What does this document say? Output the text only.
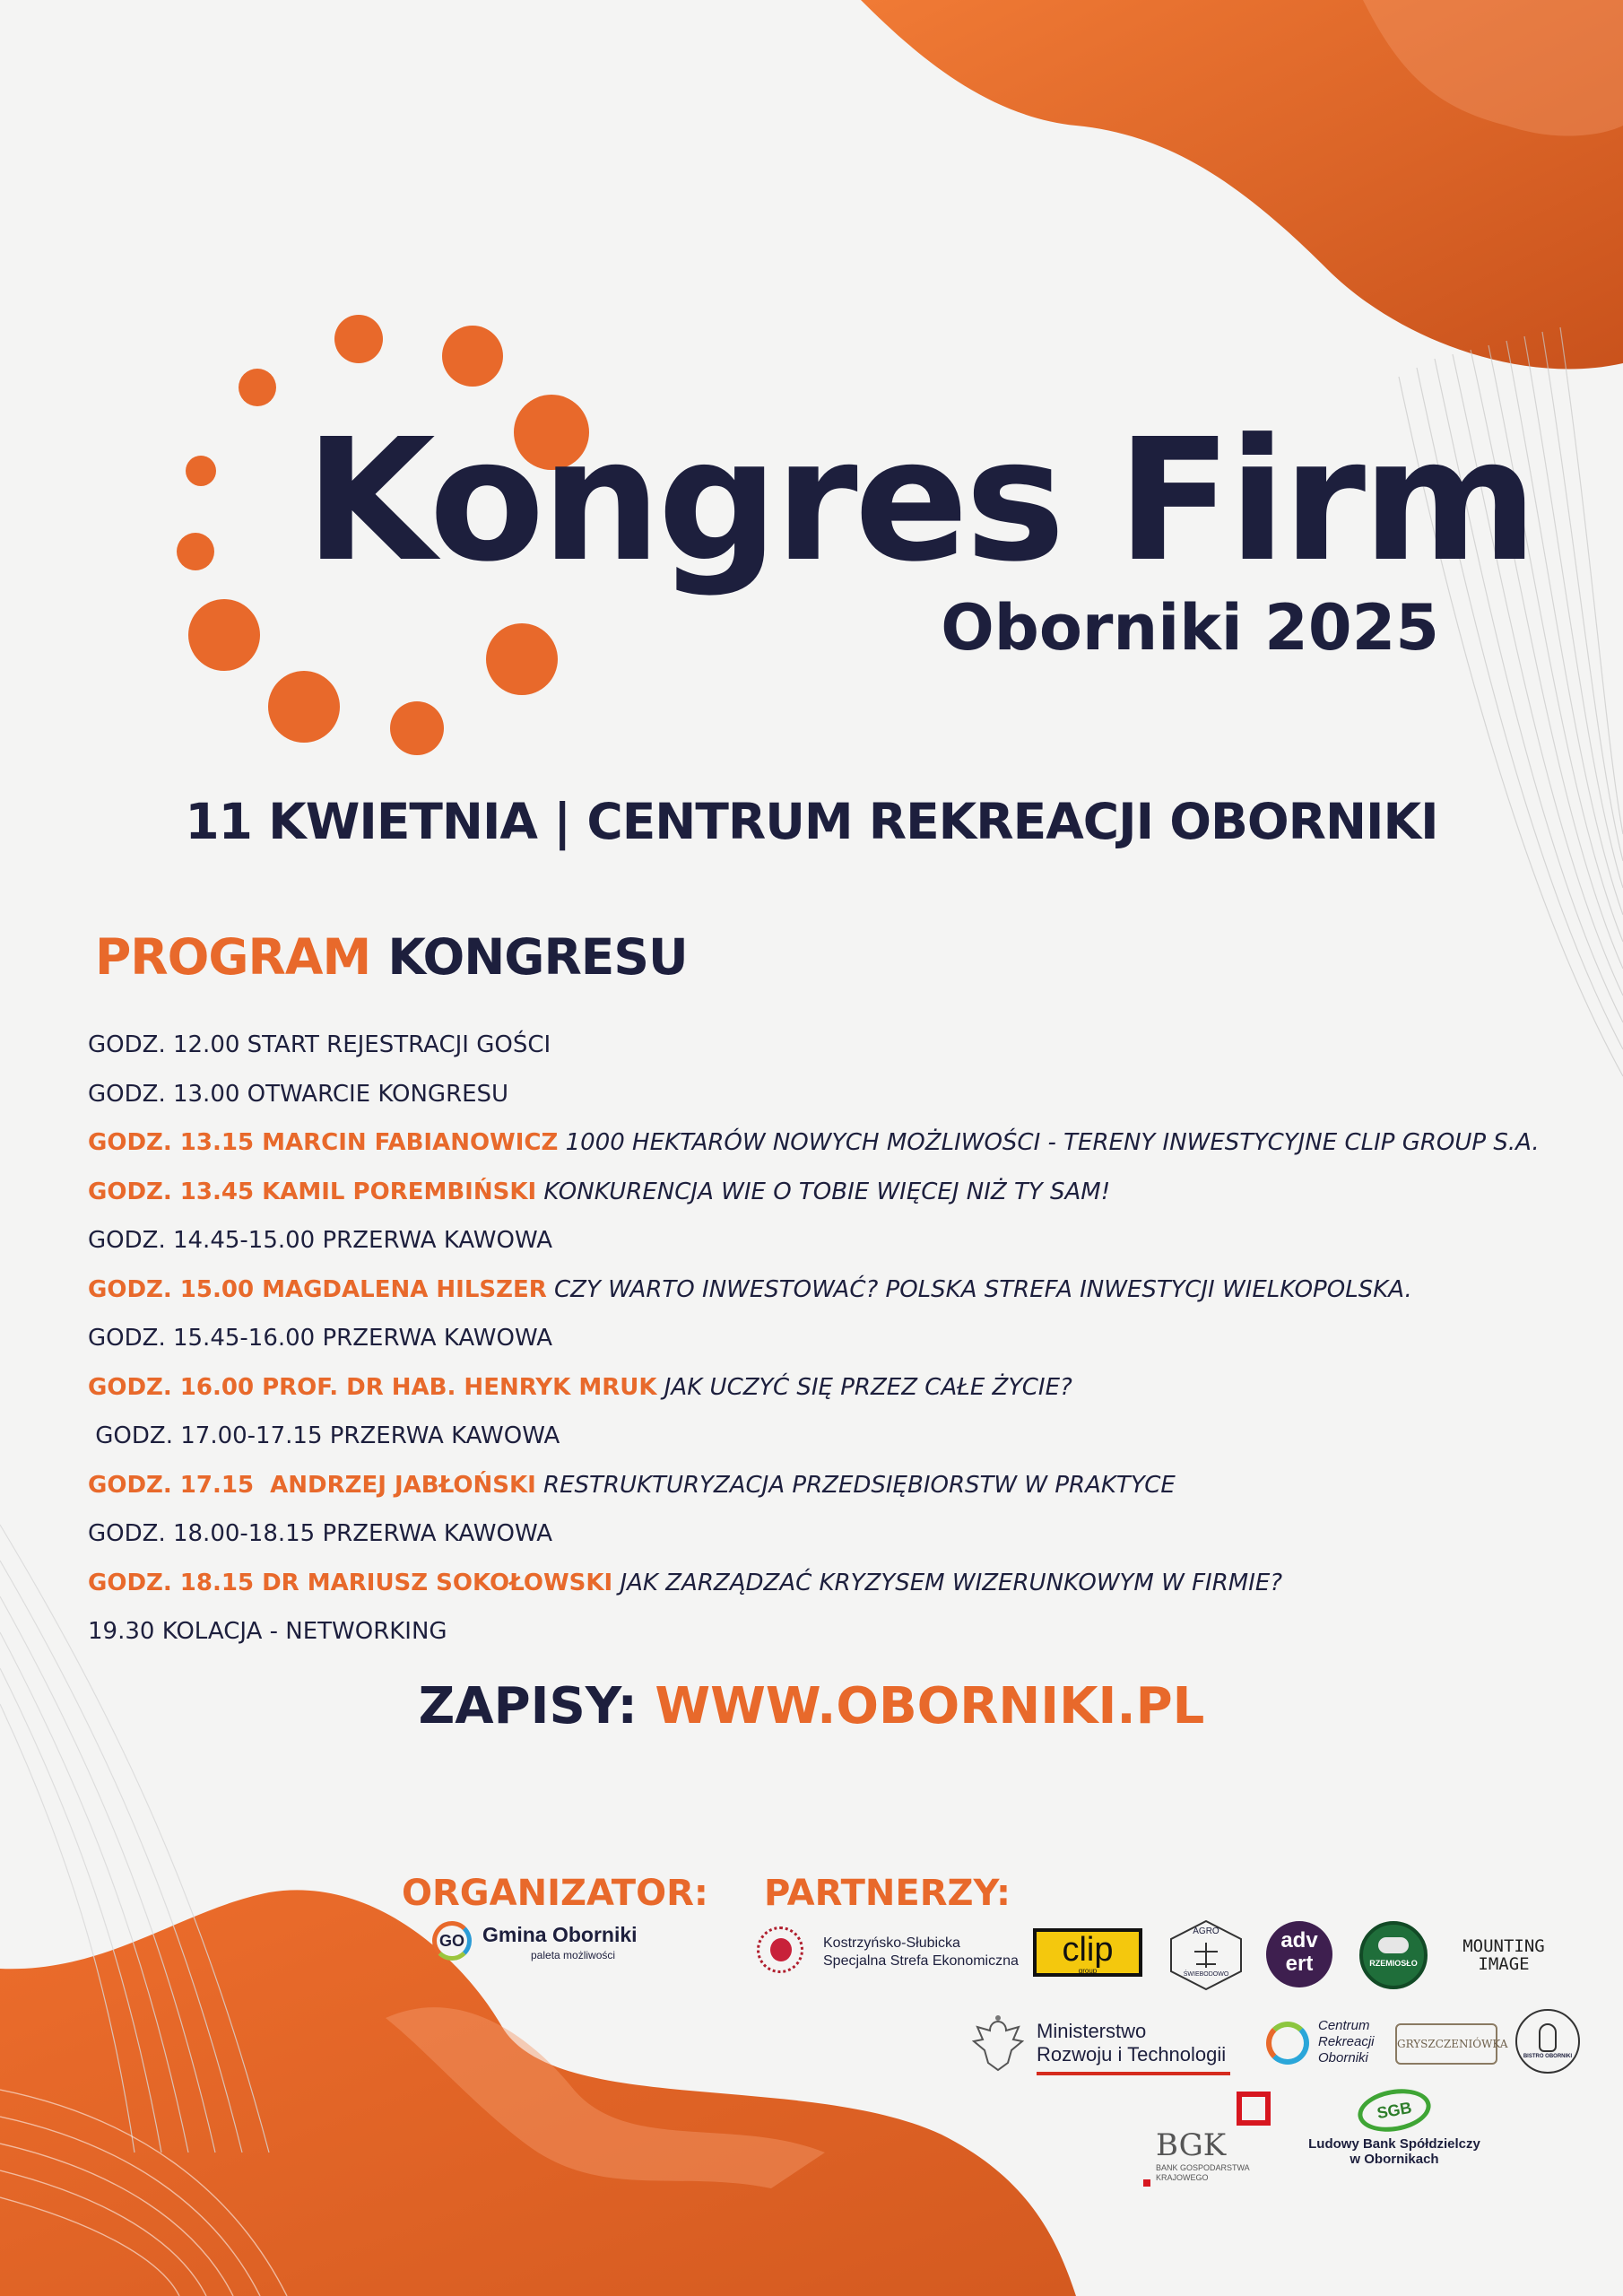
Kongres Firm
Oborniki 2025
11 KWIETNIA | CENTRUM REKREACJI OBORNIKI
PROGRAM KONGRESU
GODZ. 12.00 START REJESTRACJI GOŚCI
GODZ. 13.00 OTWARCIE KONGRESU
GODZ. 13.15 MARCIN FABIANOWICZ 1000 HEKTARÓW NOWYCH MOŻLIWOŚCI - TERENY INWESTYCYJNE CLIP GROUP S.A.
GODZ. 13.45 KAMIL POREMBIŃSKI KONKURENCJA WIE O TOBIE WIĘCEJ NIŻ TY SAM!
GODZ. 14.45-15.00 PRZERWA KAWOWA
GODZ. 15.00 MAGDALENA HILSZER CZY WARTO INWESTOWAĆ? POLSKA STREFA INWESTYCJI WIELKOPOLSKA.
GODZ. 15.45-16.00 PRZERWA KAWOWA
GODZ. 16.00 PROF. DR HAB. HENRYK MRUK JAK UCZYĆ SIĘ PRZEZ CAŁE ŻYCIE?
GODZ. 17.00-17.15 PRZERWA KAWOWA
GODZ. 17.15  ANDRZEJ JABŁOŃSKI RESTRUKTURYZACJA PRZEDSIĘBIORSTW W PRAKTYCE
GODZ. 18.00-18.15 PRZERWA KAWOWA
GODZ. 18.15 DR MARIUSZ SOKOŁOWSKI JAK ZARZĄDZAĆ KRYZYSEM WIZERUNKOWYM W FIRMIE?
19.30 KOLACJA - NETWORKING
ZAPISY: WWW.OBORNIKI.PL
ORGANIZATOR: PARTNERZY:
GO Gmina Oborniki
paleta możliwości
Kostrzyńsko-Słubicka
Specjalna Strefa Ekonomiczna	clip
group
AGRO
ŚWIEBODOWO
adv
ert	RZEMIOSŁO
MOUNTING
IMAGE
Ministerstwo
Rozwoju i Technologii
Centrum
Rekreacji
Oborniki
GRYSZCZENIÓWKA
BISTRO OBORNIKI
BGK
BANK GOSPODARSTWA
KRAJOWEGO
SGB
Ludowy Bank Spółdzielczy
w Obornikach
